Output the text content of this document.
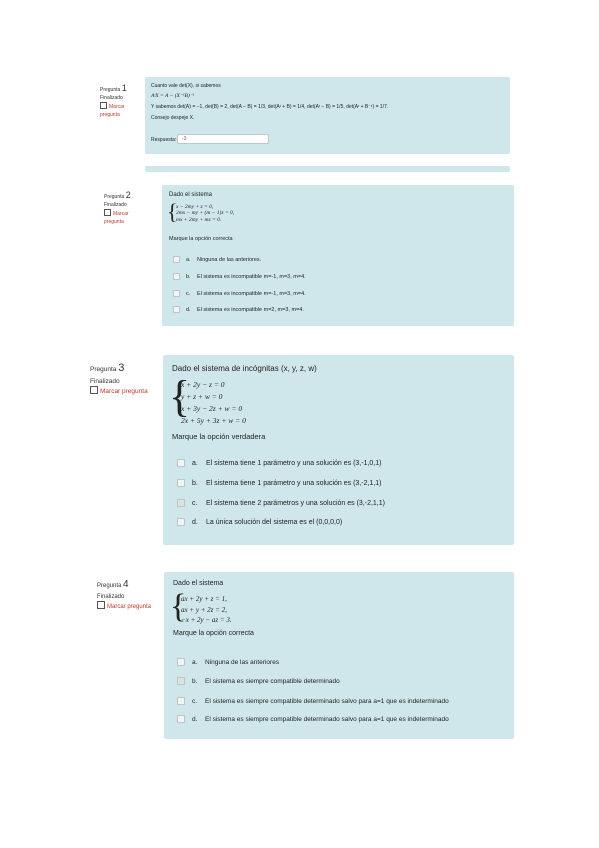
Pregunta 1
Finalizado
Marcar pregunta
Cuanto vale det(X), si sabemos
AᵗX = A − (X⁻¹B)⁻¹
Y sabemos det(A) = −1, det(B) = 2, det(A − B) = 1/3, det(Aᵗ + B) = 1/4, det(Aᵗ − B) = 1/5, det(Aᵗ + B⁻¹) = 1/7.
Consejo despeje X.
Respuesta:	-3
Pregunta 2
Finalizado
Marcar pregunta
Dado el sistema
{
x − 2my + z = 0,
2mx − my + (m − 1)z = 0,
mx + 2my + mz = 0.
Marque la opción correcta
a.	Ninguna de las anteriores.
b.	El sistema es incompatible m=-1, m=3, m=4.
c.	El sistema es incompatible m=-1, m=3, m=4.
d.	El sistema es incompatible m=2, m=3, m=4.
Pregunta 3
Finalizado
Marcar pregunta
Dado el sistema de incógnitas (x, y, z, w)
{
x + 2y − z = 0
y + z + w = 0
x + 3y − 2z + w = 0
2x + 5y + 3z + w = 0
Marque la opción verdadera
a.	El sistema tiene 1 parámetro y una solución es (3,-1,0,1)
b.	El sistema tiene 1 parámetro y una solución es (3,-2,1,1)
c.	El sistema tiene 2 parámetros y una solución es (3,-2,1,1)
d.	La única solución del sistema es el (0,0,0,0)
Pregunta 4
Finalizado
Marcar pregunta
Dado el sistema
{
ax + 2y + z = 1,
ax + y + 2z = 2,
−x + 2y − az = 3.
Marque la opción correcta
a.	Ninguna de las anteriores
b.	El sistema es siempre compatible determinado
c.	El sistema es siempre compatible determinado salvo para a=1 que es indeterminado
d.	El sistema es siempre compatible determinado salvo para a=1 que es indeterminado
